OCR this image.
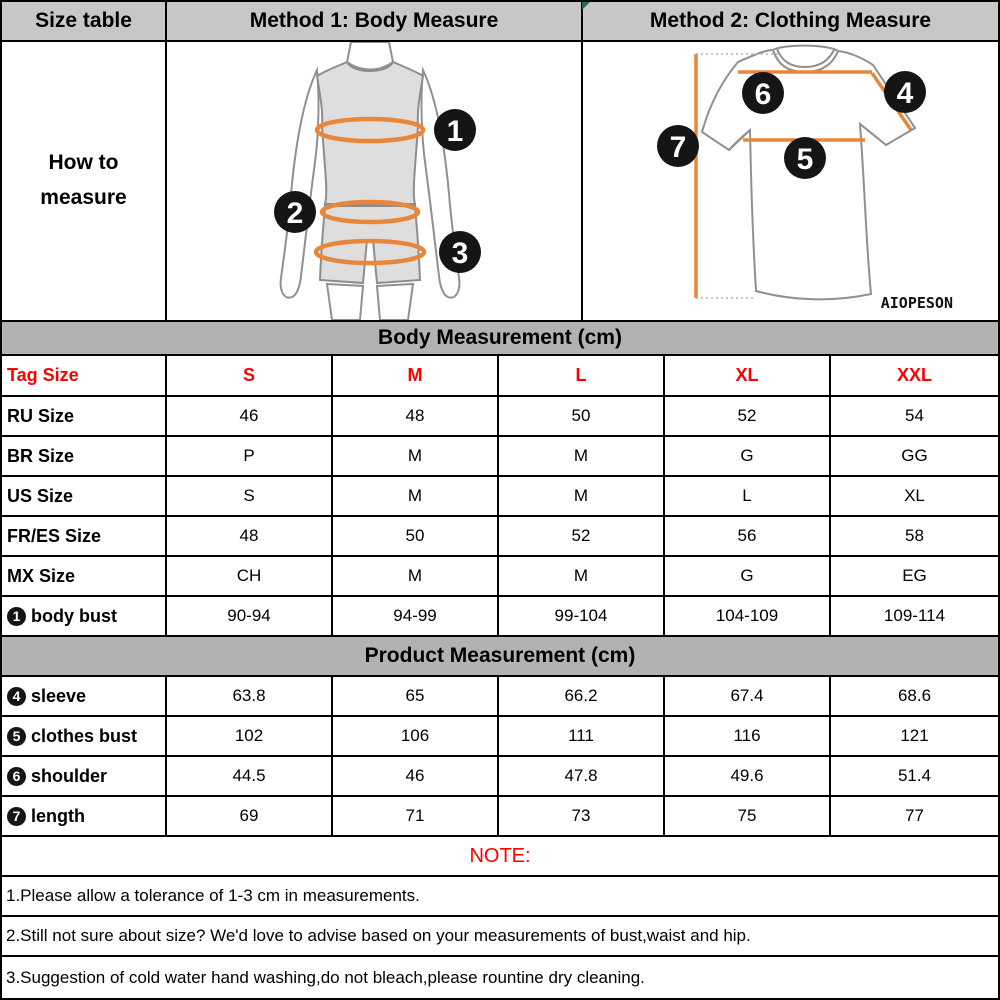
Size table	Method 1: Body Measure	Method 2: Clothing Measure
How to
measure
1
2
3
6	4
7	5
AIOPESON
Body Measurement (cm)
Tag Size	S	M	L	XL	XXL
RU Size	46	48	50	52	54
BR Size	P	M	M	G	GG
US Size	S	M	M	L	XL
FR/ES Size	48	50	52	56	58
MX Size	CH	M	M	G	EG
1 body bust	90-94	94-99	99-104	104-109	109-114
Product Measurement (cm)
4 sleeve	63.8	65	66.2	67.4	68.6
5 clothes bust	102	106	111	116	121
6 shoulder	44.5	46	47.8	49.6	51.4
7 length	69	71	73	75	77
NOTE:
1.Please allow a tolerance of 1-3 cm in measurements.
2.Still not sure about size? We'd love to advise based on your measurements of bust,waist and hip.
3.Suggestion of cold water hand washing,do not bleach,please rountine dry cleaning.
